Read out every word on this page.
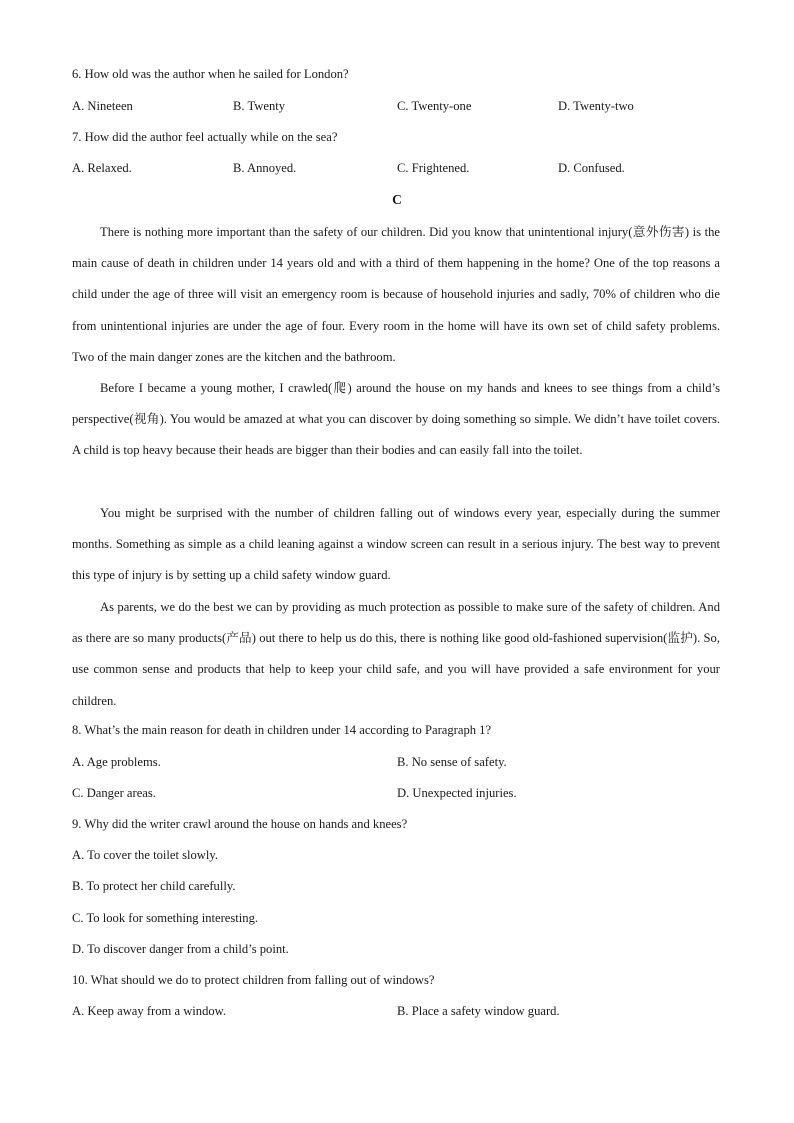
6. How old was the author when he sailed for London?
A. Nineteen	B. Twenty	C. Twenty-one	D. Twenty-two
7. How did the author feel actually while on the sea?
A. Relaxed.	B. Annoyed.	C. Frightened.	D. Confused.
C
There is nothing more important than the safety of our children. Did you know that unintentional injury(意外伤害) is the main cause of death in children under 14 years old and with a third of them happening in the home? One of the top reasons a child under the age of three will visit an emergency room is because of household injuries and sadly, 70% of children who die from unintentional injuries are under the age of four. Every room in the home will have its own set of child safety problems. Two of the main danger zones are the kitchen and the bathroom.
Before I became a young mother, I crawled(爬) around the house on my hands and knees to see things from a child’s perspective(视角). You would be amazed at what you can discover by doing something so simple. We didn’t have toilet covers. A child is top heavy because their heads are bigger than their bodies and can easily fall into the toilet.
You might be surprised with the number of children falling out of windows every year, especially during the summer months. Something as simple as a child leaning against a window screen can result in a serious injury. The best way to prevent this type of injury is by setting up a child safety window guard.
As parents, we do the best we can by providing as much protection as possible to make sure of the safety of children. And as there are so many products(产品) out there to help us do this, there is nothing like good old-fashioned supervision(监护). So, use common sense and products that help to keep your child safe, and you will have provided a safe environment for your children.
8. What’s the main reason for death in children under 14 according to Paragraph 1?
A. Age problems.	B. No sense of safety.
C. Danger areas.	D. Unexpected injuries.
9. Why did the writer crawl around the house on hands and knees?
A. To cover the toilet slowly.
B. To protect her child carefully.
C. To look for something interesting.
D. To discover danger from a child’s point.
10. What should we do to protect children from falling out of windows?
A. Keep away from a window.	B. Place a safety window guard.
